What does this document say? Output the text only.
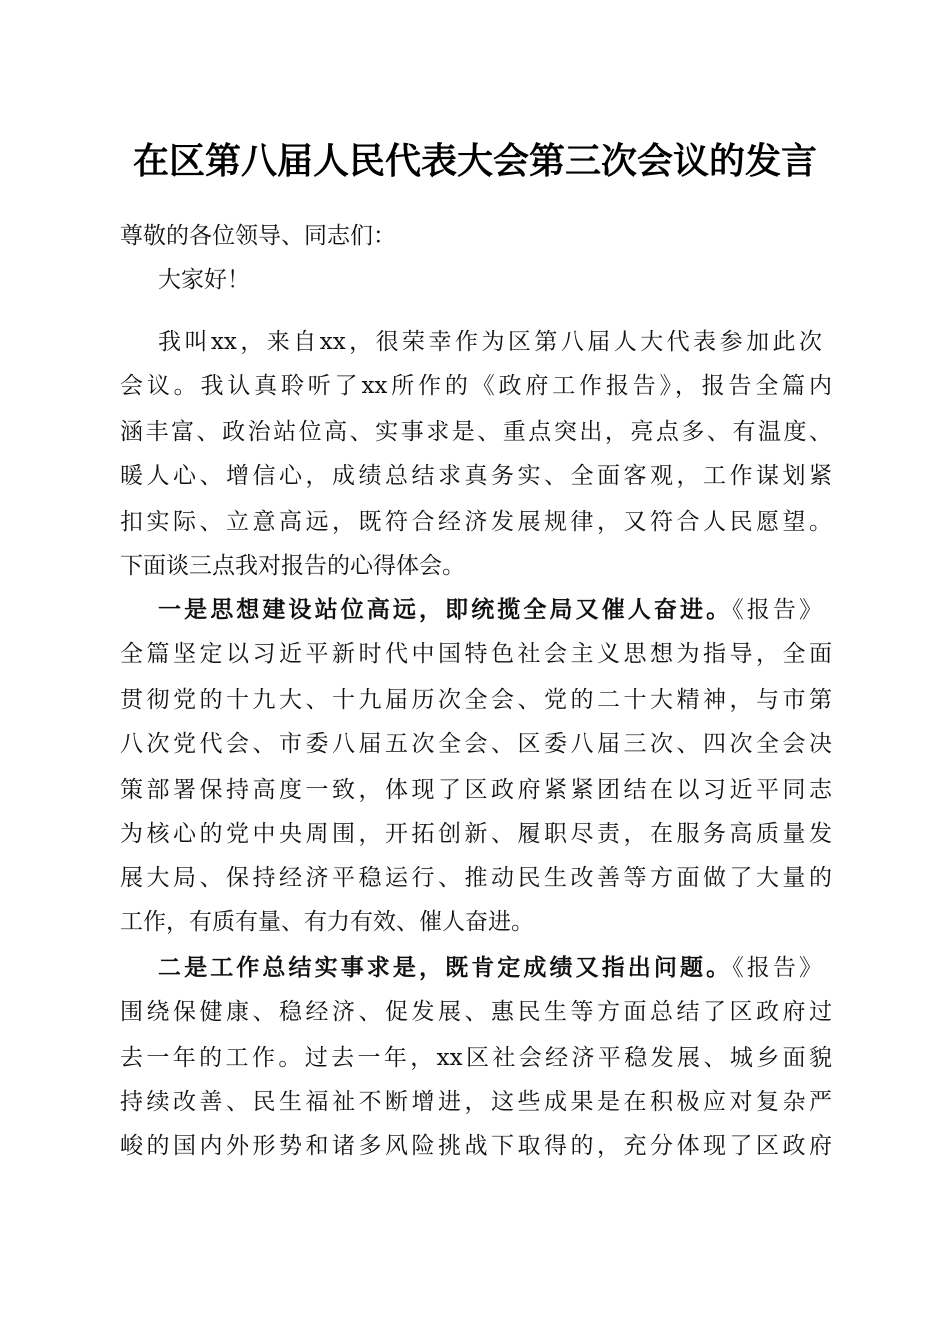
在区第八届人民代表大会第三次会议的发言

尊敬的各位领导、同志们：

大家好！

我叫xx，来自xx，很荣幸作为区第八届人大代表参加此次

会议。我认真聆听了xx所作的《政府工作报告》，报告全篇内

涵丰富、政治站位高、实事求是、重点突出，亮点多、有温度、

暖人心、增信心，成绩总结求真务实、全面客观，工作谋划紧

扣实际、立意高远，既符合经济发展规律，又符合人民愿望。

下面谈三点我对报告的心得体会。

一是思想建设站位高远，即统揽全局又催人奋进。《报告》

全篇坚定以习近平新时代中国特色社会主义思想为指导，全面

贯彻党的十九大、十九届历次全会、党的二十大精神，与市第

八次党代会、市委八届五次全会、区委八届三次、四次全会决

策部署保持高度一致，体现了区政府紧紧团结在以习近平同志

为核心的党中央周围，开拓创新、履职尽责，在服务高质量发

展大局、保持经济平稳运行、推动民生改善等方面做了大量的

工作，有质有量、有力有效、催人奋进。

二是工作总结实事求是，既肯定成绩又指出问题。《报告》

围绕保健康、稳经济、促发展、惠民生等方面总结了区政府过

去一年的工作。过去一年，xx区社会经济平稳发展、城乡面貌

持续改善、民生福祉不断增进，这些成果是在积极应对复杂严

峻的国内外形势和诸多风险挑战下取得的，充分体现了区政府
